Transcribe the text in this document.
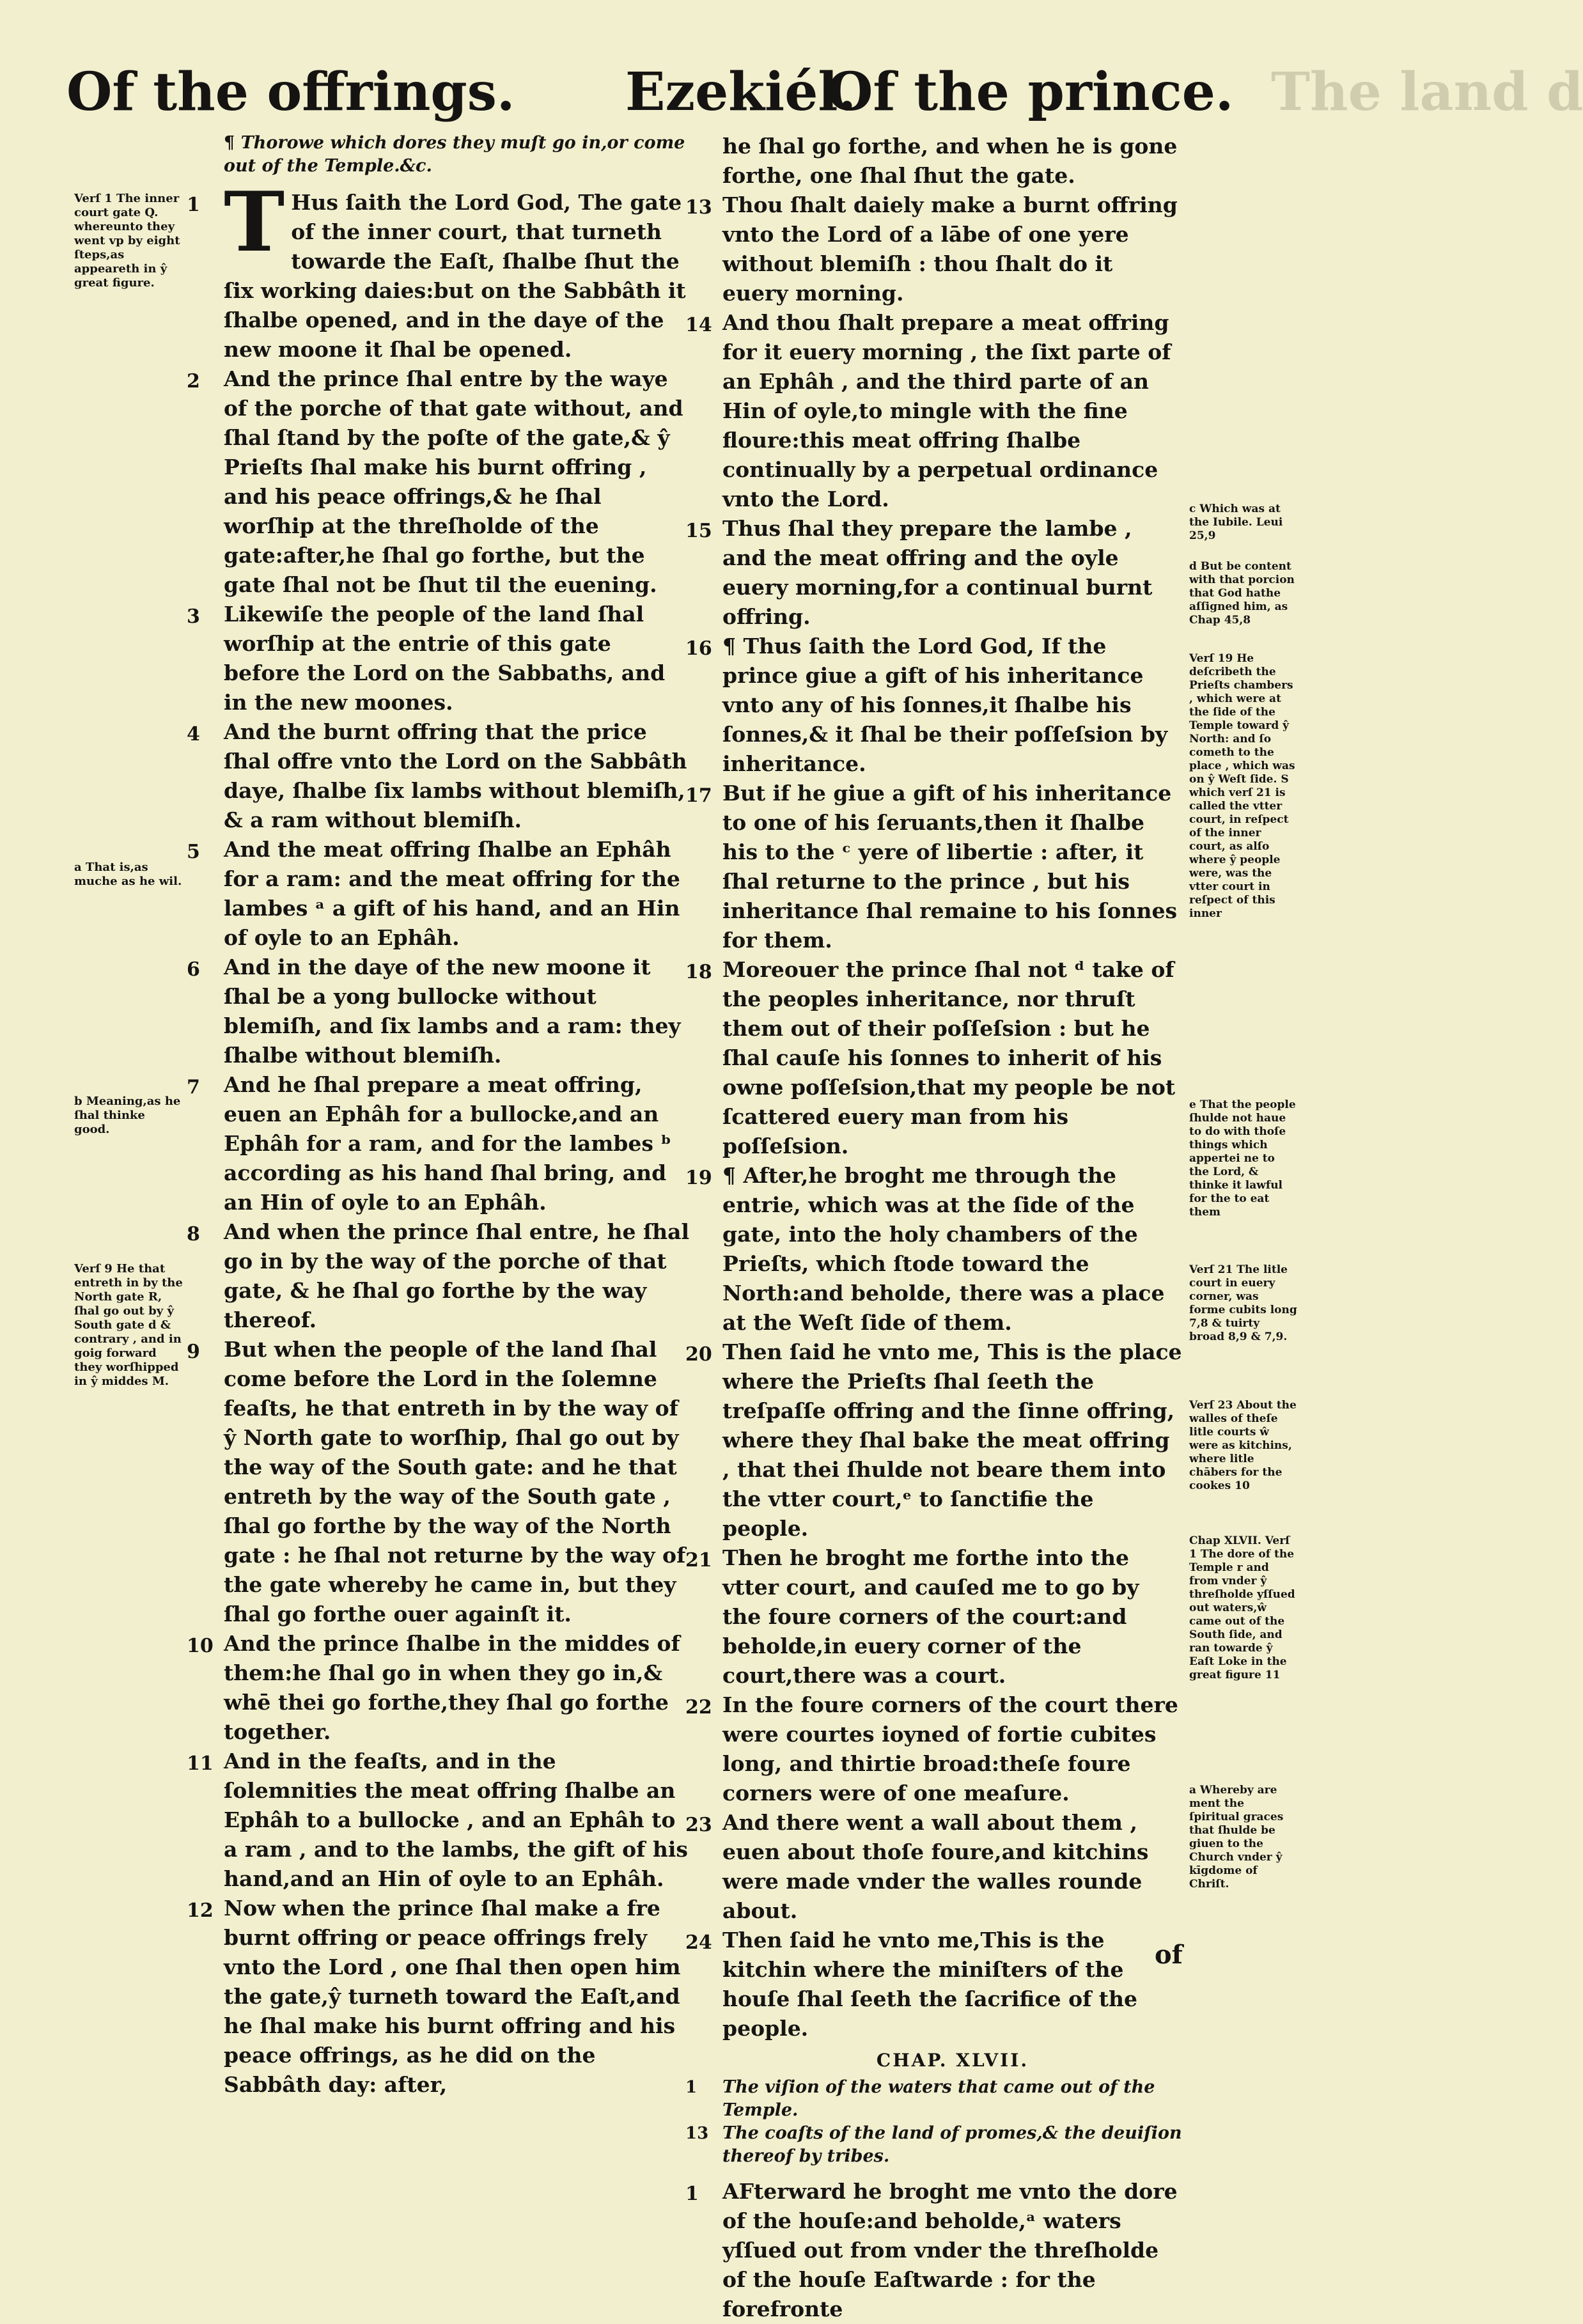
Of the offrings. Ezekiél.
Of the prince. The land d
Verſ 1 The inner court gate Q. whereunto they went vp by eight ſteps,as appeareth in ŷ great figure.
a That is,as muche as he wil.
b Meaning,as he ſhal thinke good.
Verſ 9 He that entreth in by the North gate R, ſhal go out by ŷ South gate d & contrary , and in goig forward they worſhipped in ŷ middes M.

¶ Thorowe which dores they muſt go in,or come out of the Temple.&c.

1 T Hus ſaith the Lord God, The gate of the inner court, that turneth towarde the Eaſt, ſhalbe ſhut the ſix working daies:but on the Sabbâth it ſhalbe opened, and in the daye of the new moone it ſhal be opened.

2 And the prince ſhal entre by the waye of the porche of that gate without, and ſhal ſtand by the poſte of the gate,& ŷ Prieſts ſhal make his burnt offring , and his peace offrings,& he ſhal worſhip at the threſholde of the gate:after,he ſhal go forthe, but the gate ſhal not be ſhut til the euening.

3 Likewiſe the people of the land ſhal worſhip at the entrie of this gate before the Lord on the Sabbaths, and in the new moones.

4 And the burnt offring that the price ſhal offre vnto the Lord on the Sabbâth daye, ſhalbe ſix lambs without blemiſh, & a ram without blemiſh.

5 And the meat offring ſhalbe an Ephâh for a ram: and the meat offring for the lambes ᵃ a gift of his hand, and an Hin of oyle to an Ephâh.

6 And in the daye of the new moone it ſhal be a yong bullocke without blemiſh, and ſix lambs and a ram: they ſhalbe without blemiſh.

7 And he ſhal prepare a meat offring, euen an Ephâh for a bullocke,and an Ephâh for a ram, and for the lambes ᵇ according as his hand ſhal bring, and an Hin of oyle to an Ephâh.

8 And when the prince ſhal entre, he ſhal go in by the way of the porche of that gate, & he ſhal go forthe by the way thereof.

9 But when the people of the land ſhal come before the Lord in the ſolemne feaſts, he that entreth in by the way of ŷ North gate to worſhip, ſhal go out by the way of the South gate: and he that entreth by the way of the South gate , ſhal go forthe by the way of the North gate : he ſhal not returne by the way of the gate whereby he came in, but they ſhal go forthe ouer againſt it.

10 And the prince ſhalbe in the middes of them:he ſhal go in when they go in,& whē thei go forthe,they ſhal go forthe together.

11 And in the feaſts, and in the ſolemnities the meat offring ſhalbe an Ephâh to a bullocke , and an Ephâh to a ram , and to the lambs, the gift of his hand,and an Hin of oyle to an Ephâh.

12 Now when the prince ſhal make a fre burnt offring or peace offrings frely vnto the Lord , one ſhal then open him the gate,ŷ turneth toward the Eaſt,and he ſhal make his burnt offring and his peace offrings, as he did on the Sabbâth day: after,

he ſhal go forthe, and when he is gone forthe, one ſhal ſhut the gate.

13 Thou ſhalt daiely make a burnt offring vnto the Lord of a lābe of one yere without blemiſh : thou ſhalt do it euery morning.

14 And thou ſhalt prepare a meat offring for it euery morning , the ſixt parte of an Ephâh , and the third parte of an Hin of oyle,to mingle with the fine floure:this meat offring ſhalbe continually by a perpetual ordinance vnto the Lord.

15 Thus ſhal they prepare the lambe , and the meat offring and the oyle euery morning,for a continual burnt offring.

16 ¶ Thus ſaith the Lord God, If the prince giue a gift of his inheritance vnto any of his ſonnes,it ſhalbe his ſonnes,& it ſhal be their poſſeſsion by inheritance.

17 But if he giue a gift of his inheritance to one of his ſeruants,then it ſhalbe his to the ᶜ yere of libertie : after, it ſhal returne to the prince , but his inheritance ſhal remaine to his ſonnes for them.

18 Moreouer the prince ſhal not ᵈ take of the peoples inheritance, nor thruſt them out of their poſſeſsion : but he ſhal cauſe his ſonnes to inherit of his owne poſſeſsion,that my people be not ſcattered euery man from his poſſeſsion.

19 ¶ After,he broght me through the entrie, which was at the ſide of the gate, into the holy chambers of the Prieſts, which ſtode toward the North:and beholde, there was a place at the Weſt ſide of them.

20 Then ſaid he vnto me, This is the place where the Prieſts ſhal ſeeth the treſpaſſe offring and the ſinne offring, where they ſhal bake the meat offring , that thei ſhulde not beare them into the vtter court,ᵉ to ſanctifie the people.

21 Then he broght me forthe into the vtter court, and cauſed me to go by the foure corners of the court:and beholde,in euery corner of the court,there was a court.

22 In the foure corners of the court there were courtes ioyned of fortie cubites long, and thirtie broad:theſe foure corners were of one meaſure.

23 And there went a wall about them , euen about thoſe foure,and kitchins were made vnder the walles rounde about.

24 Then ſaid he vnto me,This is the kitchin where the miniſters of the houſe ſhal ſeeth the ſacrifice of the people.

CHAP. XLVII.

1 The viſion of the waters that came out of the Temple.

13 The coaſts of the land of promes,& the deuiſion thereof by tribes.

1 AFterward he broght me vnto the dore of the houſe:and beholde,ᵃ waters yſſued out from vnder the threſholde of the houſe Eaſtwarde : for the forefronte

of
c Which was at the Iubile. Leui 25,9
d But be content with that porcion that God hathe aſſigned him, as Chap 45,8
Verſ 19 He deſcribeth the Prieſts chambers , which were at the ſide of the Temple toward ŷ North: and ſo cometh to the place , which was on ŷ Weſt ſide. S which verſ 21 is called the vtter court, in reſpect of the inner court, as alſo where ŷ people were, was the vtter court in reſpect of this inner
e That the people ſhulde not haue to do with thoſe things which appertei ne to the Lord, & thinke it lawful for the to eat them
Verſ 21 The litle court in euery corner, was forme cubits long 7,8 & tuirty broad 8,9 & 7,9.
Verſ 23 About the walles of theſe litle courts ŵ were as kitchins, where litle chābers for the cookes 10
Chap XLVII. Verſ 1 The dore of the Temple r and from vnder ŷ threſholde yſſued out waters,ŵ came out of the South ſide, and ran towarde ŷ Eaſt Loke in the great figure 11
a Whereby are ment the ſpiritual graces that ſhulde be giuen to the Church vnder ŷ kīgdome of Chriſt.
